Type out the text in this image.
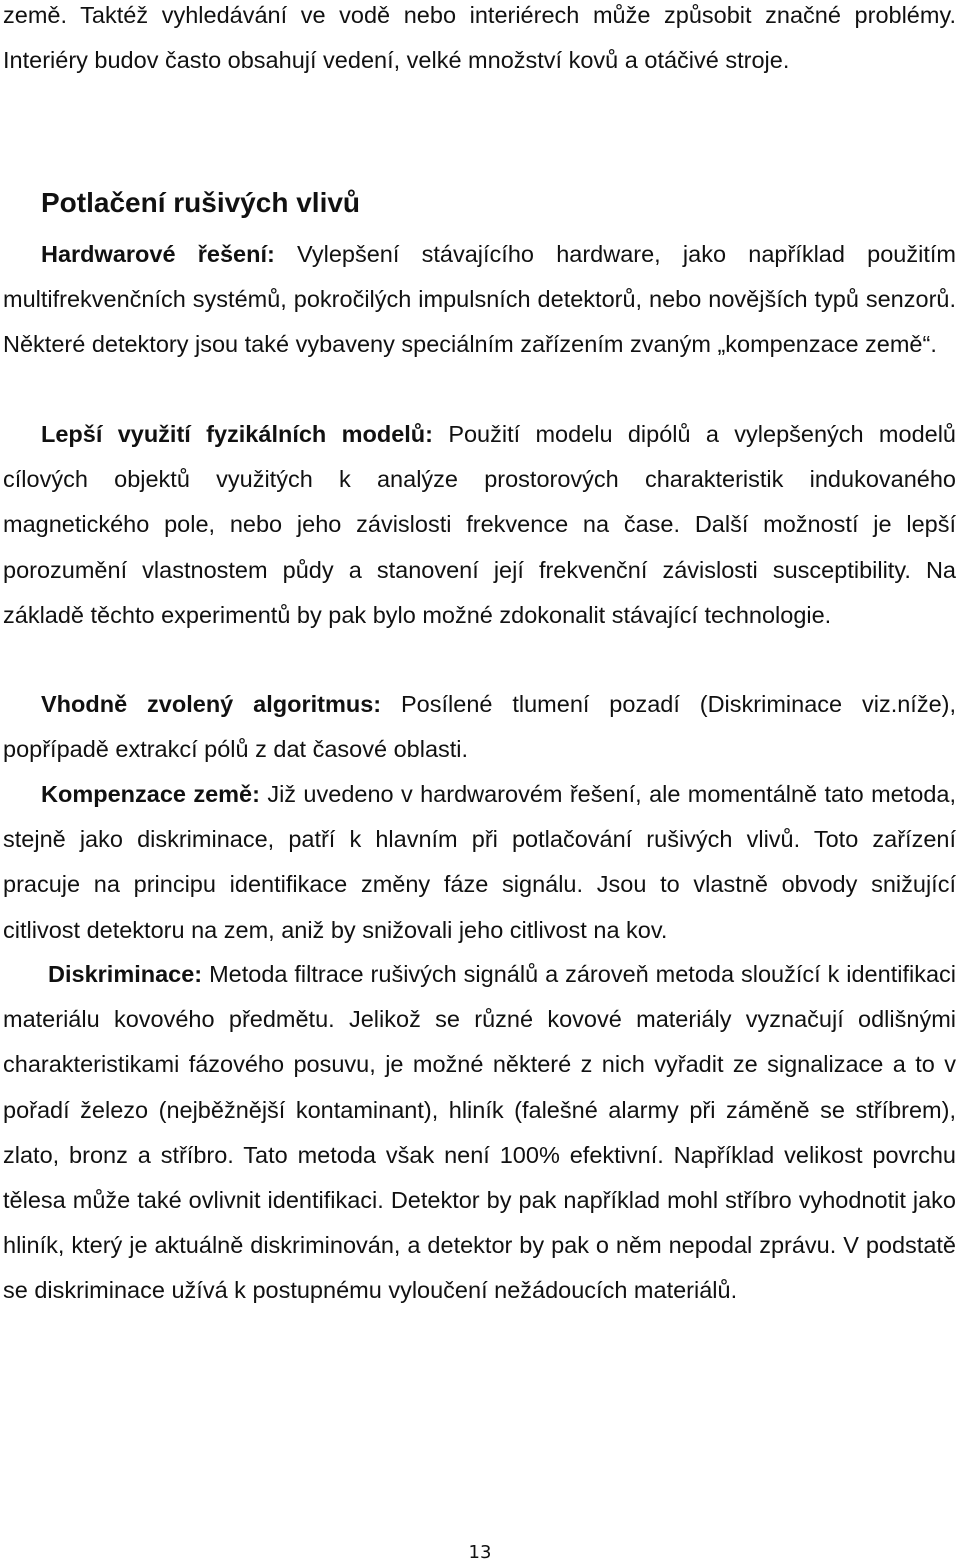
země. Taktéž vyhledávání ve vodě nebo interiérech může způsobit značné problémy. Interiéry budov často obsahují vedení, velké množství kovů a otáčivé stroje.

Potlačení rušivých vlivů

Hardwarové řešení: Vylepšení stávajícího hardware, jako například použitím multifrekvenčních systémů, pokročilých impulsních detektorů, nebo novějších typů senzorů. Některé detektory jsou také vybaveny speciálním zařízením zvaným „kompenzace země“.

Lepší využití fyzikálních modelů: Použití modelu dipólů a vylepšených modelů cílových objektů využitých k analýze prostorových charakteristik indukovaného magnetického pole, nebo jeho závislosti frekvence na čase. Další možností je lepší porozumění vlastnostem půdy a stanovení její frekvenční závislosti susceptibility. Na základě těchto experimentů by pak bylo možné zdokonalit stávající technologie.

Vhodně zvolený algoritmus: Posílené tlumení pozadí (Diskriminace viz.níže), popřípadě extrakcí pólů z dat časové oblasti.

Kompenzace země: Již uvedeno v hardwarovém řešení, ale momentálně tato metoda, stejně jako diskriminace, patří k hlavním při potlačování rušivých vlivů. Toto zařízení pracuje na principu identifikace změny fáze signálu. Jsou to vlastně obvody snižující citlivost detektoru na zem, aniž by snižovali jeho citlivost na kov.

Diskriminace: Metoda filtrace rušivých signálů a zároveň metoda sloužící k identifikaci materiálu kovového předmětu. Jelikož se různé kovové materiály vyznačují odlišnými charakteristikami fázového posuvu, je možné některé z nich vyřadit ze signalizace a to v pořadí železo (nejběžnější kontaminant), hliník (falešné alarmy při záměně se stříbrem), zlato, bronz a stříbro. Tato metoda však není 100% efektivní. Například velikost povrchu tělesa může také ovlivnit identifikaci. Detektor by pak například mohl stříbro vyhodnotit jako hliník, který je aktuálně diskriminován, a detektor by pak o něm nepodal zprávu. V podstatě se diskriminace užívá k postupnému vyloučení nežádoucích materiálů.

13
